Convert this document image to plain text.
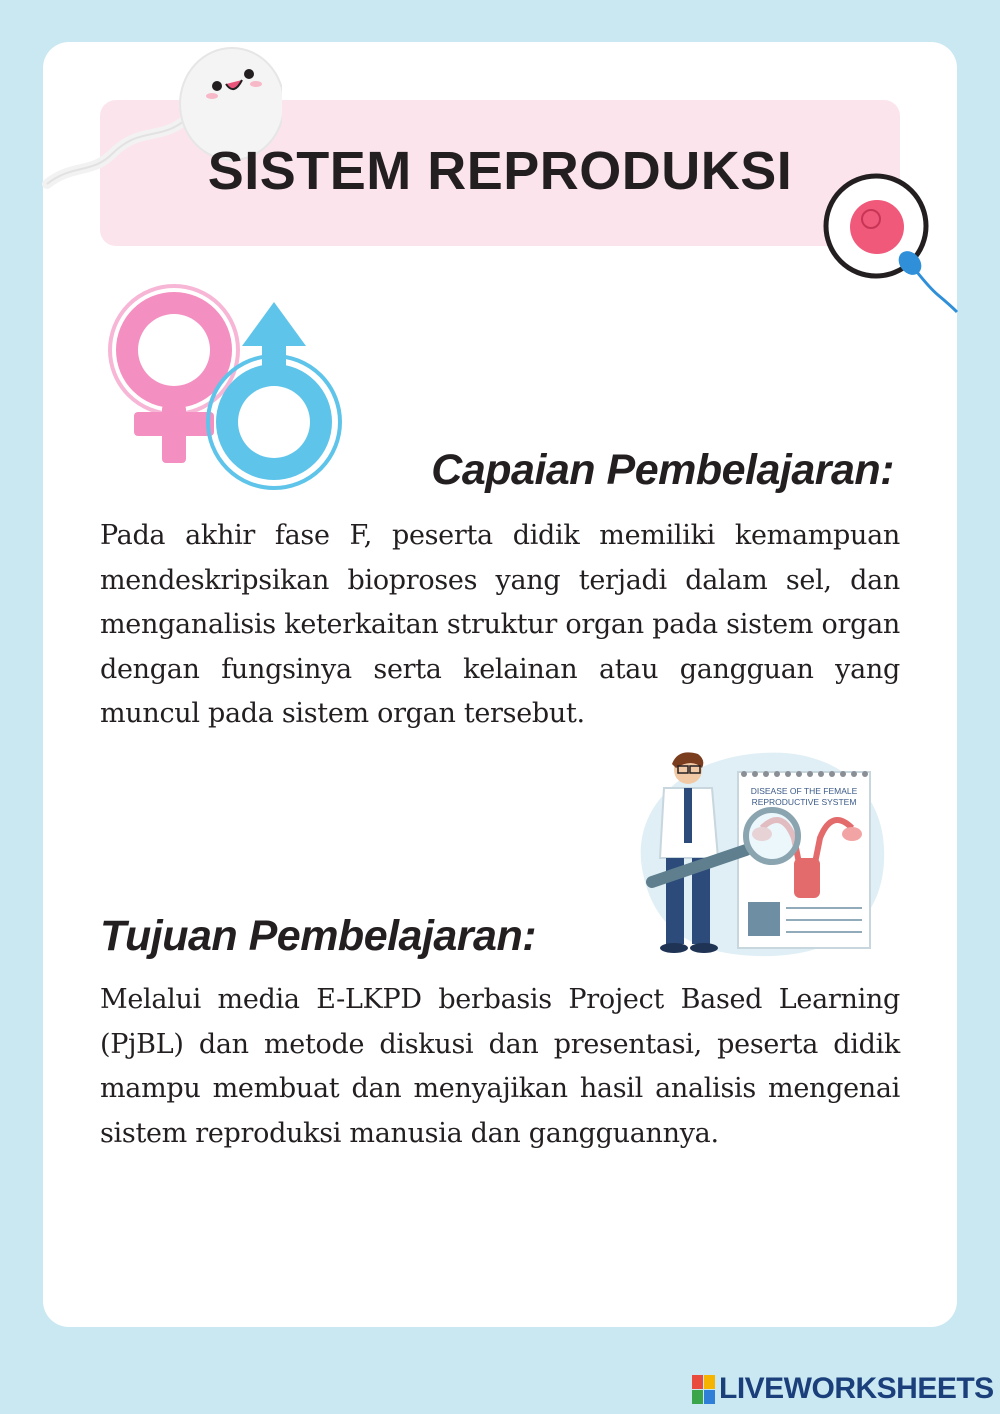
SISTEM REPRODUKSI
Capaian Pembelajaran:

Pada akhir fase F, peserta didik memiliki kemampuan mendeskripsikan bioproses yang terjadi dalam sel, dan menganalisis keterkaitan struktur organ pada sistem organ dengan fungsinya serta kelainan atau gangguan yang muncul pada sistem organ tersebut.

DISEASE OF THE FEMALE
REPRODUCTIVE SYSTEM
Tujuan Pembelajaran:

Melalui media E-LKPD berbasis Project Based Learning (PjBL) dan metode diskusi dan presentasi, peserta didik mampu membuat dan menyajikan hasil analisis mengenai sistem reproduksi manusia dan gangguannya.

LIVEWORKSHEETS
